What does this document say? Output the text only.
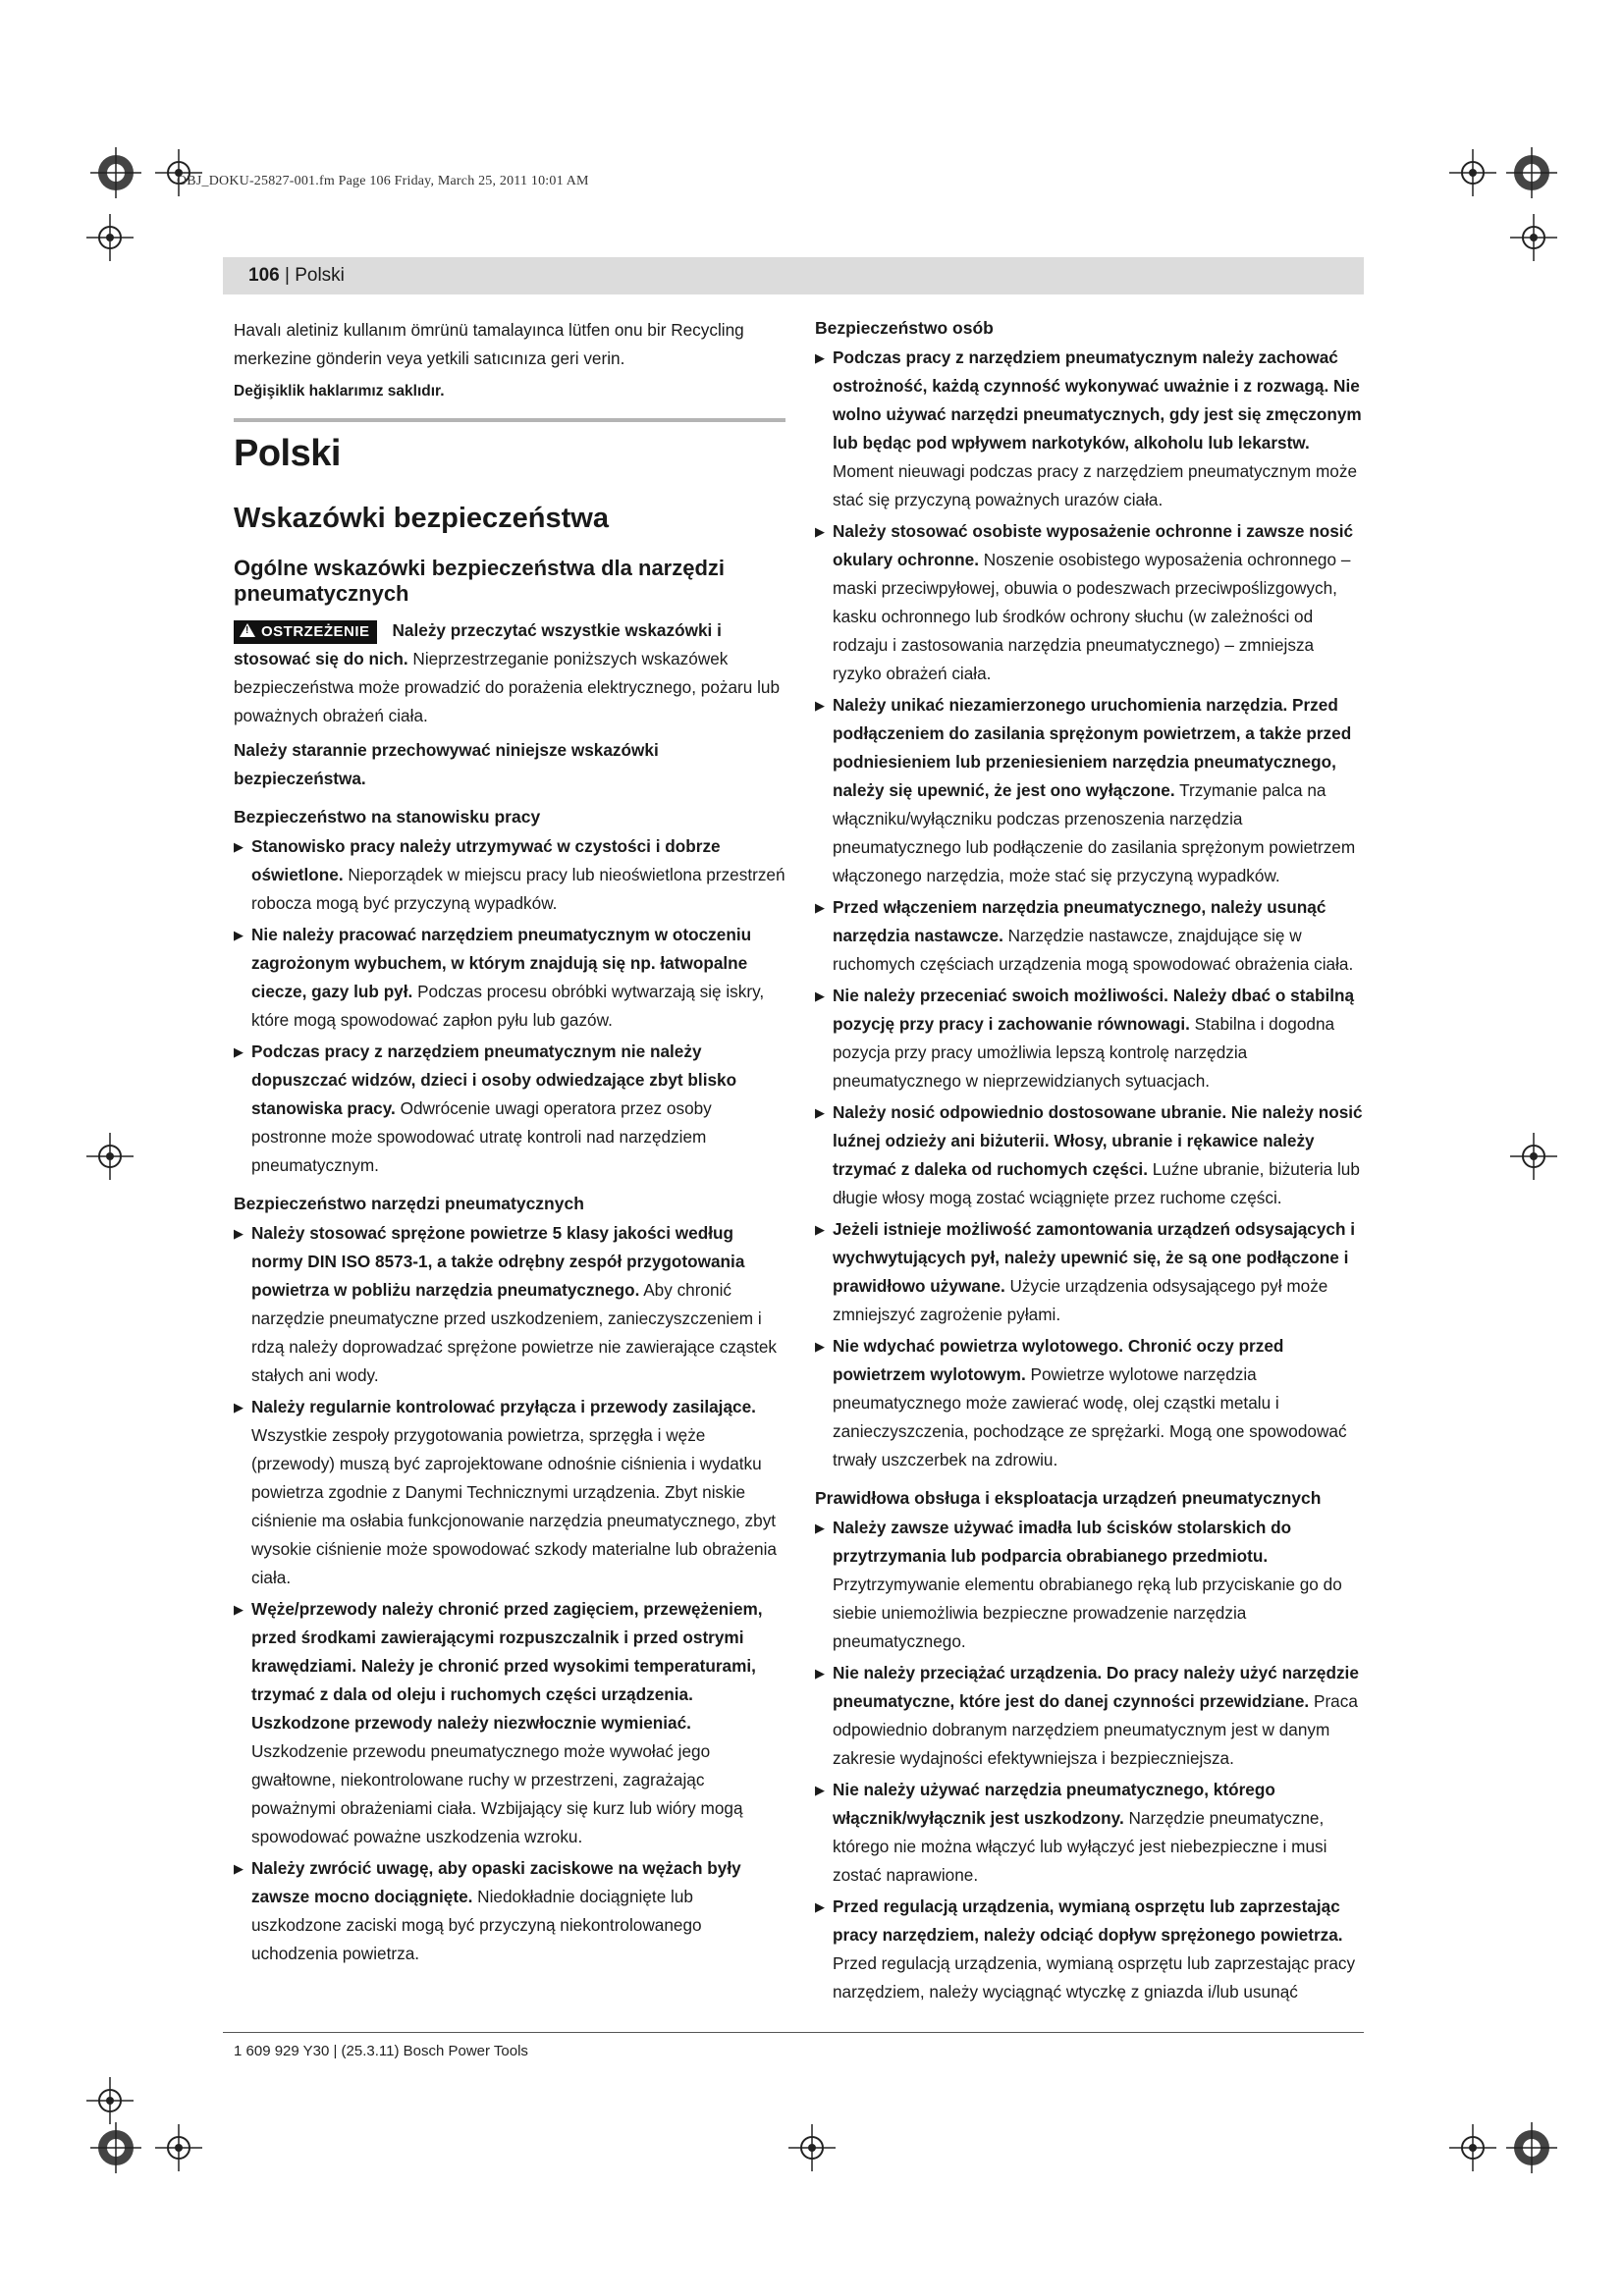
OBJ_DOKU-25827-001.fm Page 106 Friday, March 25, 2011 10:01 AM
106 | Polski

Havalı aletiniz kullanım ömrünü tamalayınca lütfen onu bir Recycling merkezine gönderin veya yetkili satıcınıza geri verin.

Değişiklik haklarımız saklıdır.

Polski
Wskazówki bezpieczeństwa
Ogólne wskazówki bezpieczeństwa dla narzędzi pneumatycznych
!OSTRZEŻENIE	Należy przeczytać wszystkie wskazówki i stosować się do nich. Nieprzestrzeganie poniższych wskazówek bezpieczeństwa może prowadzić do porażenia elektrycznego, pożaru lub poważnych obrażeń ciała.

Należy starannie przechowywać niniejsze wskazówki bezpieczeństwa.

Bezpieczeństwo na stanowisku pracy
▶ Stanowisko pracy należy utrzymywać w czystości i dobrze oświetlone. Nieporządek w miejscu pracy lub nieoświetlona przestrzeń robocza mogą być przyczyną wypadków.
▶ Nie należy pracować narzędziem pneumatycznym w otoczeniu zagrożonym wybuchem, w którym znajdują się np. łatwopalne ciecze, gazy lub pył. Podczas procesu obróbki wytwarzają się iskry, które mogą spowodować zapłon pyłu lub gazów.
▶ Podczas pracy z narzędziem pneumatycznym nie należy dopuszczać widzów, dzieci i osoby odwiedzające zbyt blisko stanowiska pracy. Odwrócenie uwagi operatora przez osoby postronne może spowodować utratę kontroli nad narzędziem pneumatycznym.
Bezpieczeństwo narzędzi pneumatycznych
▶ Należy stosować sprężone powietrze 5 klasy jakości według normy DIN ISO 8573-1, a także odrębny zespół przygotowania powietrza w pobliżu narzędzia pneumatycznego. Aby chronić narzędzie pneumatyczne przed uszkodzeniem, zanieczyszczeniem i rdzą należy doprowadzać sprężone powietrze nie zawierające cząstek stałych ani wody.
▶ Należy regularnie kontrolować przyłącza i przewody zasilające. Wszystkie zespoły przygotowania powietrza, sprzęgła i węże (przewody) muszą być zaprojektowane odnośnie ciśnienia i wydatku powietrza zgodnie z Danymi Technicznymi urządzenia. Zbyt niskie ciśnienie ma osłabia funkcjonowanie narzędzia pneumatycznego, zbyt wysokie ciśnienie może spowodować szkody materialne lub obrażenia ciała.
▶ Węże/przewody należy chronić przed zagięciem, przewężeniem, przed środkami zawierającymi rozpuszczalnik i przed ostrymi krawędziami. Należy je chronić przed wysokimi temperaturami, trzymać z dala od oleju i ruchomych części urządzenia. Uszkodzone przewody należy niezwłocznie wymieniać. Uszkodzenie przewodu pneumatycznego może wywołać jego gwałtowne, niekontrolowane ruchy w przestrzeni, zagrażając poważnymi obrażeniami ciała. Wzbijający się kurz lub wióry mogą spowodować poważne uszkodzenia wzroku.
▶ Należy zwrócić uwagę, aby opaski zaciskowe na wężach były zawsze mocno dociągnięte. Niedokładnie dociągnięte lub uszkodzone zaciski mogą być przyczyną niekontrolowanego uchodzenia powietrza.
Bezpieczeństwo osób
▶ Podczas pracy z narzędziem pneumatycznym należy zachować ostrożność, każdą czynność wykonywać uważnie i z rozwagą. Nie wolno używać narzędzi pneumatycznych, gdy jest się zmęczonym lub będąc pod wpływem narkotyków, alkoholu lub lekarstw. Moment nieuwagi podczas pracy z narzędziem pneumatycznym może stać się przyczyną poważnych urazów ciała.
▶ Należy stosować osobiste wyposażenie ochronne i zawsze nosić okulary ochronne. Noszenie osobistego wyposażenia ochronnego – maski przeciwpyłowej, obuwia o podeszwach przeciwpoślizgowych, kasku ochronnego lub środków ochrony słuchu (w zależności od rodzaju i zastosowania narzędzia pneumatycznego) – zmniejsza ryzyko obrażeń ciała.
▶ Należy unikać niezamierzonego uruchomienia narzędzia. Przed podłączeniem do zasilania sprężonym powietrzem, a także przed podniesieniem lub przeniesieniem narzędzia pneumatycznego, należy się upewnić, że jest ono wyłączone. Trzymanie palca na włączniku/wyłączniku podczas przenoszenia narzędzia pneumatycznego lub podłączenie do zasilania sprężonym powietrzem włączonego narzędzia, może stać się przyczyną wypadków.
▶ Przed włączeniem narzędzia pneumatycznego, należy usunąć narzędzia nastawcze. Narzędzie nastawcze, znajdujące się w ruchomych częściach urządzenia mogą spowodować obrażenia ciała.
▶ Nie należy przeceniać swoich możliwości. Należy dbać o stabilną pozycję przy pracy i zachowanie równowagi. Stabilna i dogodna pozycja przy pracy umożliwia lepszą kontrolę narzędzia pneumatycznego w nieprzewidzianych sytuacjach.
▶ Należy nosić odpowiednio dostosowane ubranie. Nie należy nosić luźnej odzieży ani biżuterii. Włosy, ubranie i rękawice należy trzymać z daleka od ruchomych części. Luźne ubranie, biżuteria lub długie włosy mogą zostać wciągnięte przez ruchome części.
▶ Jeżeli istnieje możliwość zamontowania urządzeń odsysających i wychwytujących pył, należy upewnić się, że są one podłączone i prawidłowo używane. Użycie urządzenia odsysającego pył może zmniejszyć zagrożenie pyłami.
▶ Nie wdychać powietrza wylotowego. Chronić oczy przed powietrzem wylotowym. Powietrze wylotowe narzędzia pneumatycznego może zawierać wodę, olej cząstki metalu i zanieczyszczenia, pochodzące ze sprężarki. Mogą one spowodować trwały uszczerbek na zdrowiu.
Prawidłowa obsługa i eksploatacja urządzeń pneumatycznych
▶ Należy zawsze używać imadła lub ścisków stolarskich do przytrzymania lub podparcia obrabianego przedmiotu. Przytrzymywanie elementu obrabianego ręką lub przyciskanie go do siebie uniemożliwia bezpieczne prowadzenie narzędzia pneumatycznego.
▶ Nie należy przeciążać urządzenia. Do pracy należy użyć narzędzie pneumatyczne, które jest do danej czynności przewidziane. Praca odpowiednio dobranym narzędziem pneumatycznym jest w danym zakresie wydajności efektywniejsza i bezpieczniejsza.
▶ Nie należy używać narzędzia pneumatycznego, którego włącznik/wyłącznik jest uszkodzony. Narzędzie pneumatyczne, którego nie można włączyć lub wyłączyć jest niebezpieczne i musi zostać naprawione.
▶ Przed regulacją urządzenia, wymianą osprzętu lub zaprzestając pracy narzędziem, należy odciąć dopływ sprężonego powietrza. Przed regulacją urządzenia, wymianą osprzętu lub zaprzestając pracy narzędziem, należy wyciągnąć wtyczkę z gniazda i/lub usunąć
1 609 929 Y30 | (25.3.11) Bosch Power Tools
